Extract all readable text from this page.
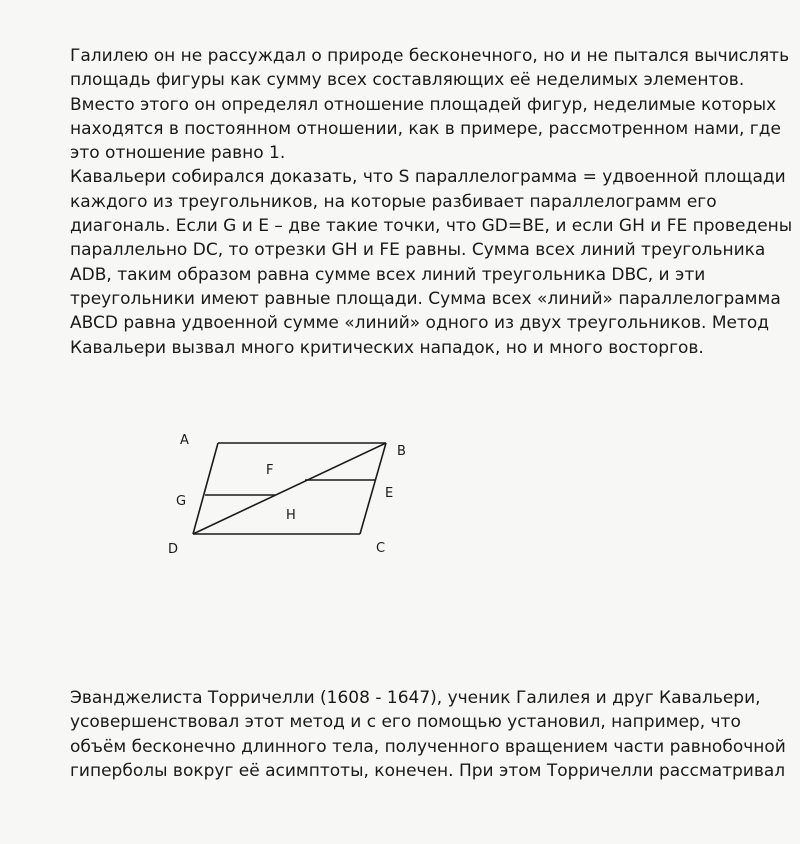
Галилею он не рассуждал о природе бесконечного, но и не пытался вычислять
площадь фигуры как сумму всех составляющих её неделимых элементов.
Вместо этого он определял отношение площадей фигур, неделимые которых
находятся в постоянном отношении, как в примере, рассмотренном нами, где
это отношение равно 1.
Кавальери собирался доказать, что S параллелограмма = удвоенной площади
каждого из треугольников, на которые разбивает параллелограмм его
диагональ. Если G и E – две такие точки, что GD=BE, и если GH и FE проведены
параллельно DC, то отрезки GH и FE равны. Сумма всех линий треугольника
ADB, таким образом равна сумме всех линий треугольника DBC, и эти
треугольники имеют равные площади. Сумма всех «линий» параллелограмма
ABCD равна удвоенной сумме «линий» одного из двух треугольников. Метод
Кавальери вызвал много критических нападок, но и много восторгов.
A
B
C
D
E
F
G
H
Эванджелиста Торричелли (1608 - 1647), ученик Галилея и друг Кавальери,
усовершенствовал этот метод и с его помощью установил, например, что
объём бесконечно длинного тела, полученного вращением части равнобочной
гиперболы вокруг её асимптоты, конечен. При этом Торричелли рассматривал
